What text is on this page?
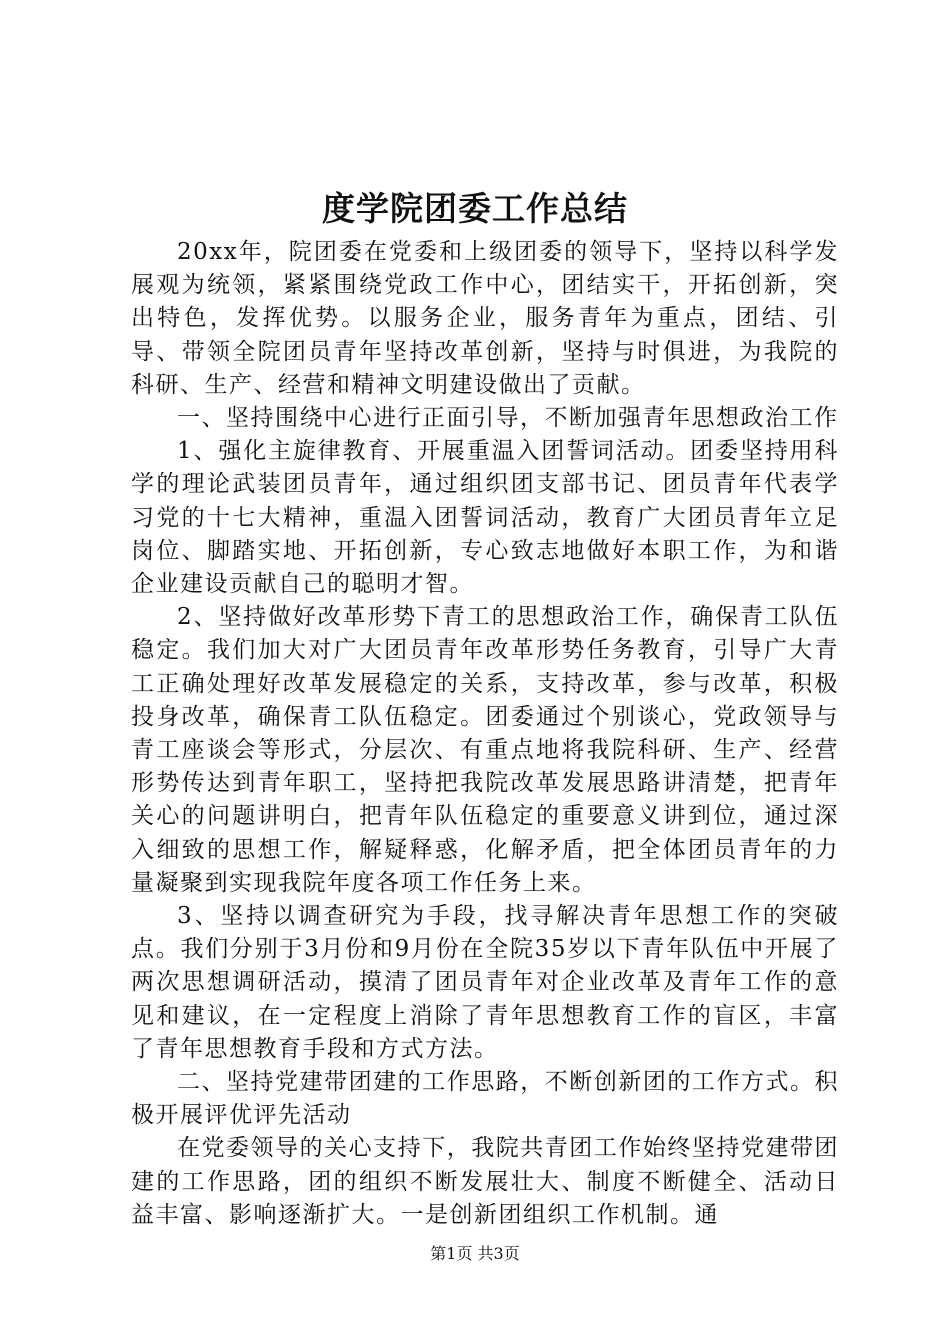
度学院团委工作总结

20xx年，院团委在党委和上级团委的领导下，坚持以科学发展观为统领，紧紧围绕党政工作中心，团结实干，开拓创新，突出特色，发挥优势。以服务企业，服务青年为重点，团结、引导、带领全院团员青年坚持改革创新，坚持与时俱进，为我院的科研、生产、经营和精神文明建设做出了贡献。

一、坚持围绕中心进行正面引导，不断加强青年思想政治工作

1、强化主旋律教育、开展重温入团誓词活动。团委坚持用科学的理论武装团员青年，通过组织团支部书记、团员青年代表学习党的十七大精神，重温入团誓词活动，教育广大团员青年立足岗位、脚踏实地、开拓创新，专心致志地做好本职工作，为和谐企业建设贡献自己的聪明才智。

2、坚持做好改革形势下青工的思想政治工作，确保青工队伍稳定。我们加大对广大团员青年改革形势任务教育，引导广大青工正确处理好改革发展稳定的关系，支持改革，参与改革，积极投身改革，确保青工队伍稳定。团委通过个别谈心，党政领导与青工座谈会等形式，分层次、有重点地将我院科研、生产、经营形势传达到青年职工，坚持把我院改革发展思路讲清楚，把青年关心的问题讲明白，把青年队伍稳定的重要意义讲到位，通过深入细致的思想工作，解疑释惑，化解矛盾，把全体团员青年的力量凝聚到实现我院年度各项工作任务上来。

3、坚持以调查研究为手段，找寻解决青年思想工作的突破点。我们分别于3月份和9月份在全院35岁以下青年队伍中开展了两次思想调研活动，摸清了团员青年对企业改革及青年工作的意见和建议，在一定程度上消除了青年思想教育工作的盲区，丰富了青年思想教育手段和方式方法。

二、坚持党建带团建的工作思路，不断创新团的工作方式。积极开展评优评先活动

在党委领导的关心支持下，我院共青团工作始终坚持党建带团建的工作思路，团的组织不断发展壮大、制度不断健全、活动日益丰富、影响逐渐扩大。一是创新团组织工作机制。通

第1页 共3页
